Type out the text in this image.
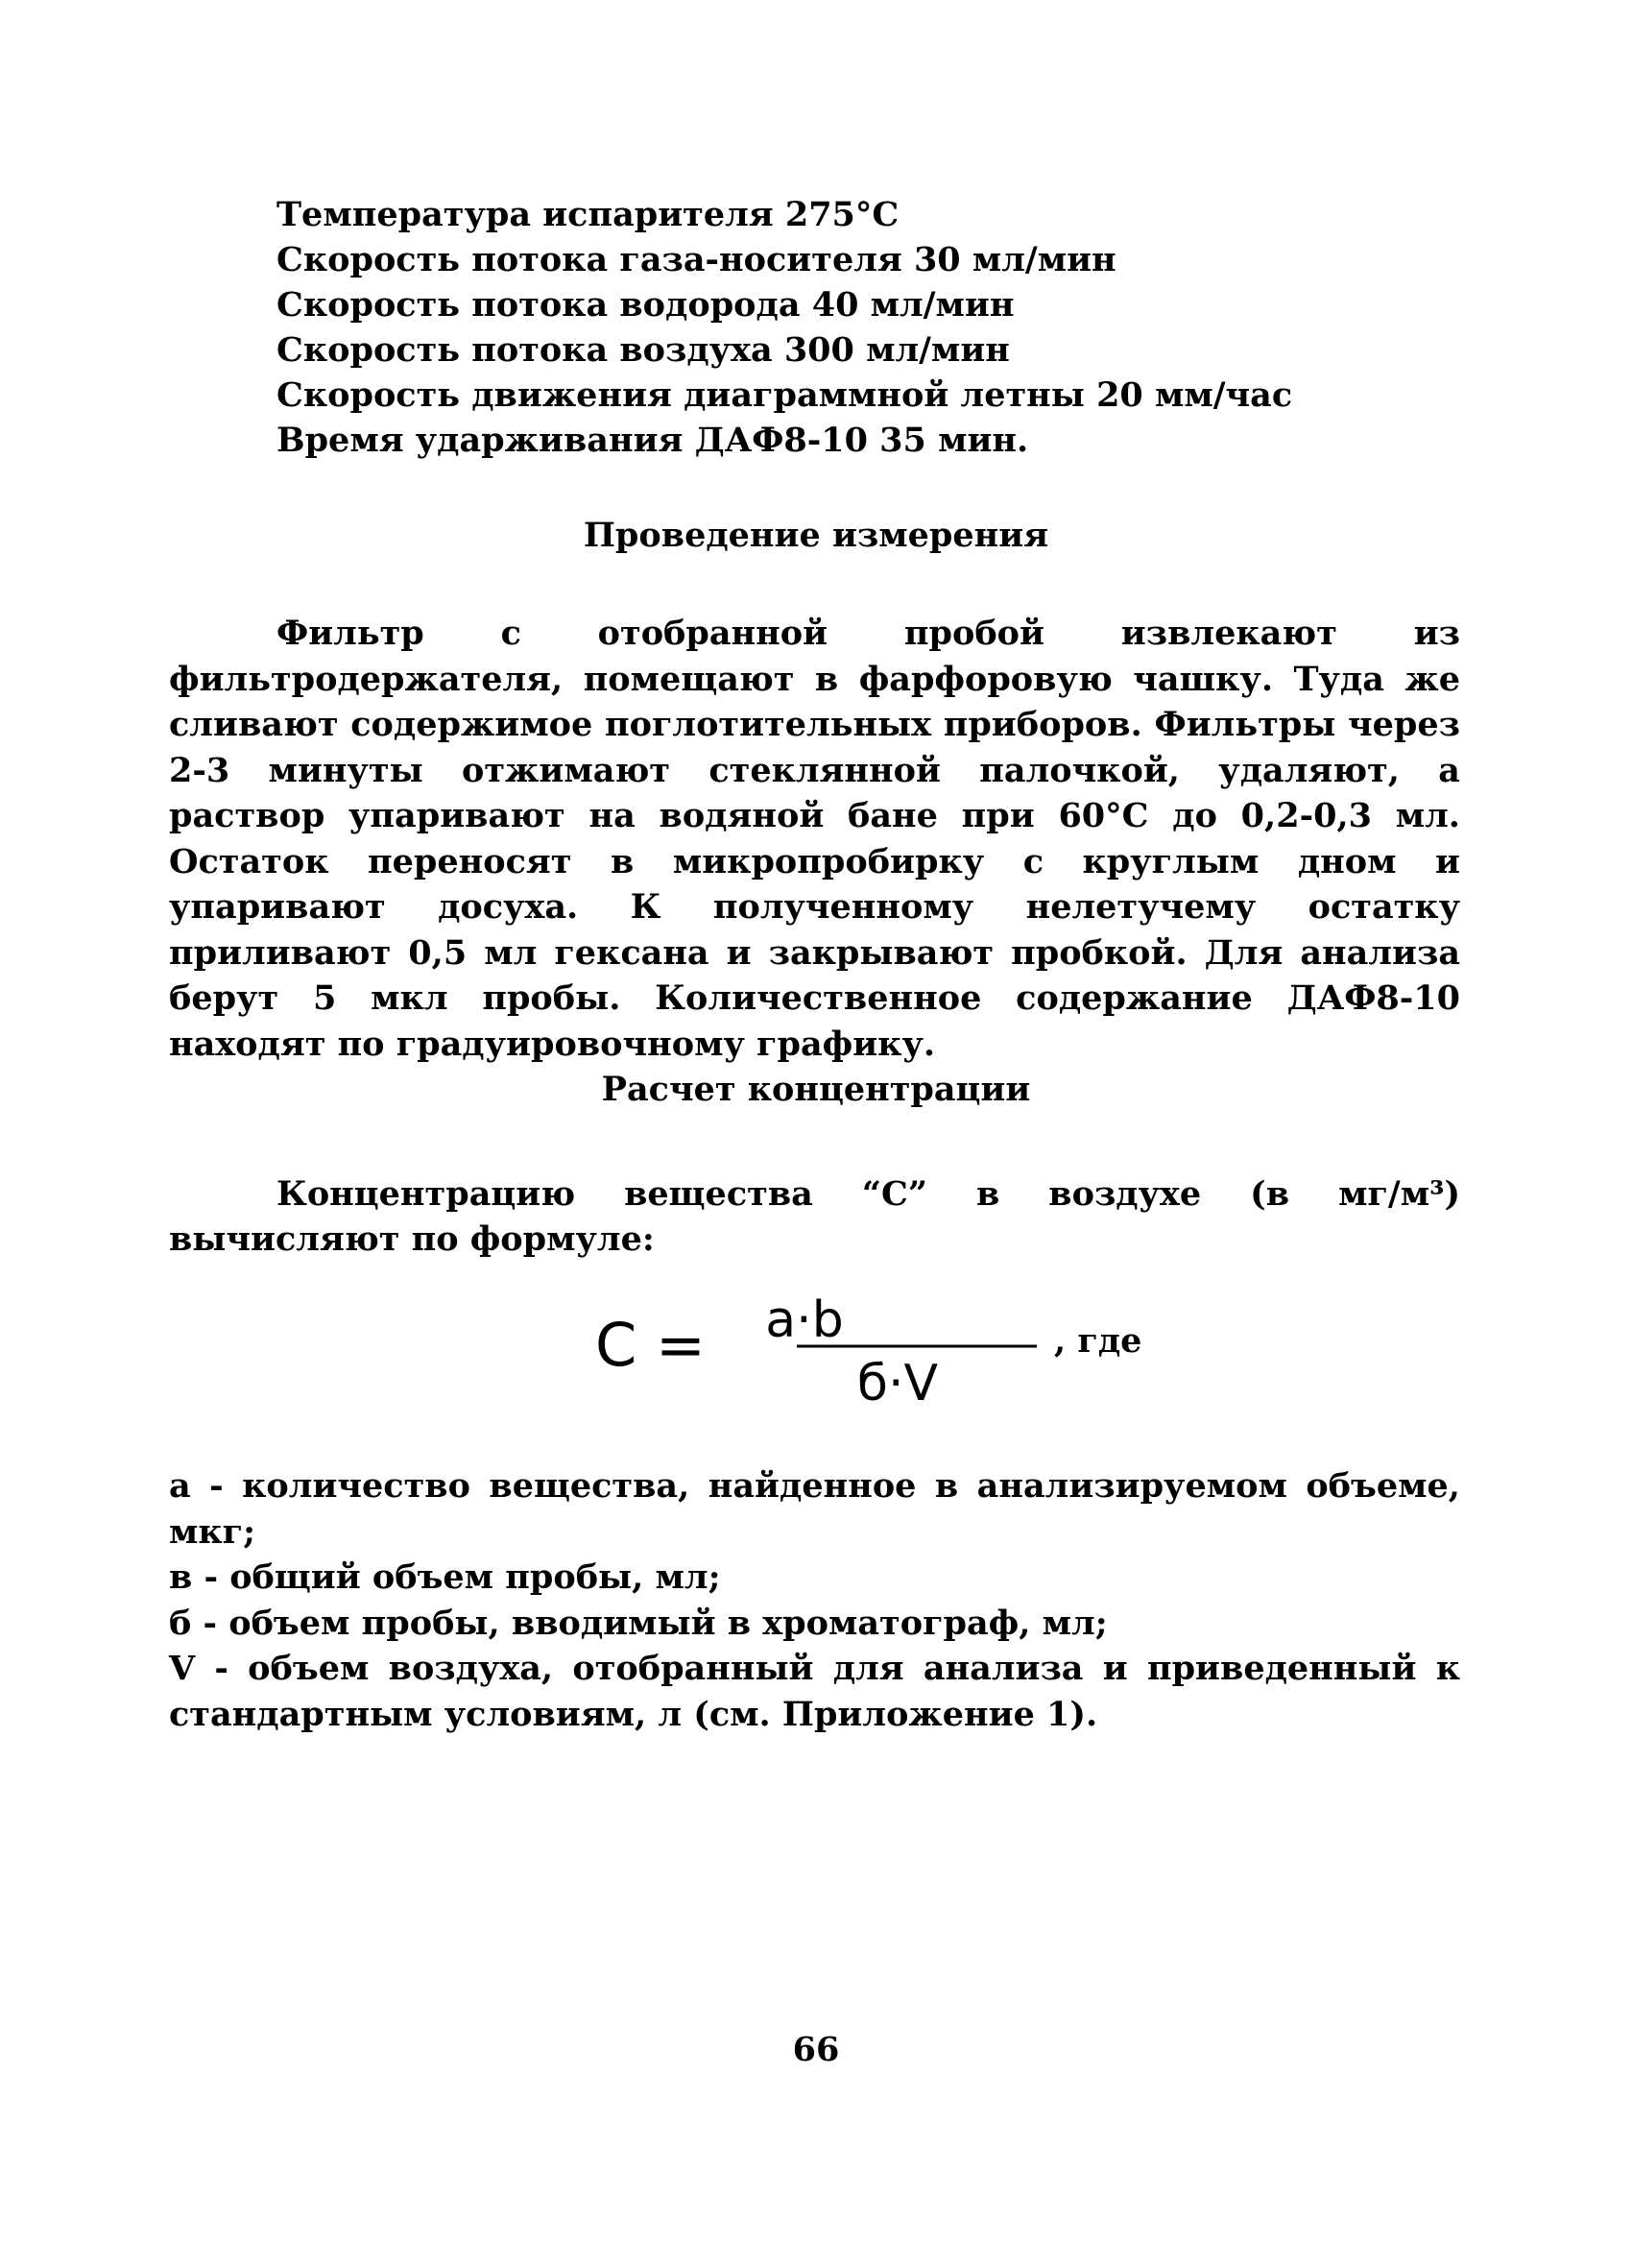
Температура испарителя 275°C
Скорость потока газа-носителя 30 мл/мин
Скорость потока водорода 40 мл/мин
Скорость потока воздуха 300 мл/мин
Скорость движения диаграммной летны 20 мм/час
Время ударживания ДАФ8-10 35 мин.
Проведение измерения
Фильтр с отобранной пробой извлекают из фильтродержателя, помещают в фарфоровую чашку. Туда же сливают содержимое поглотительных приборов. Фильтры через 2-3 минуты отжимают стеклянной палочкой, удаляют, а раствор упаривают на водяной бане при 60°C до 0,2-0,3 мл. Остаток переносят в микропробирку с круглым дном и упаривают досуха. К полученному нелетучему остатку приливают 0,5 мл гексана и закрывают пробкой. Для анализа берут 5 мкл пробы. Количественное содержание ДАФ8-10 находят по градуировочному графику.
Расчет концентрации
Концентрацию вещества “C” в воздухе (в мг/м³) вычисляют по формуле:
C = a·b
б·V
, где
а - количество вещества, найденное в анализируемом объеме, мкг;
в - общий объем пробы, мл;
б - объем пробы, вводимый в хроматограф, мл;
V - объем воздуха, отобранный для анализа и приведенный к стандартным условиям, л (см. Приложение 1).
66
